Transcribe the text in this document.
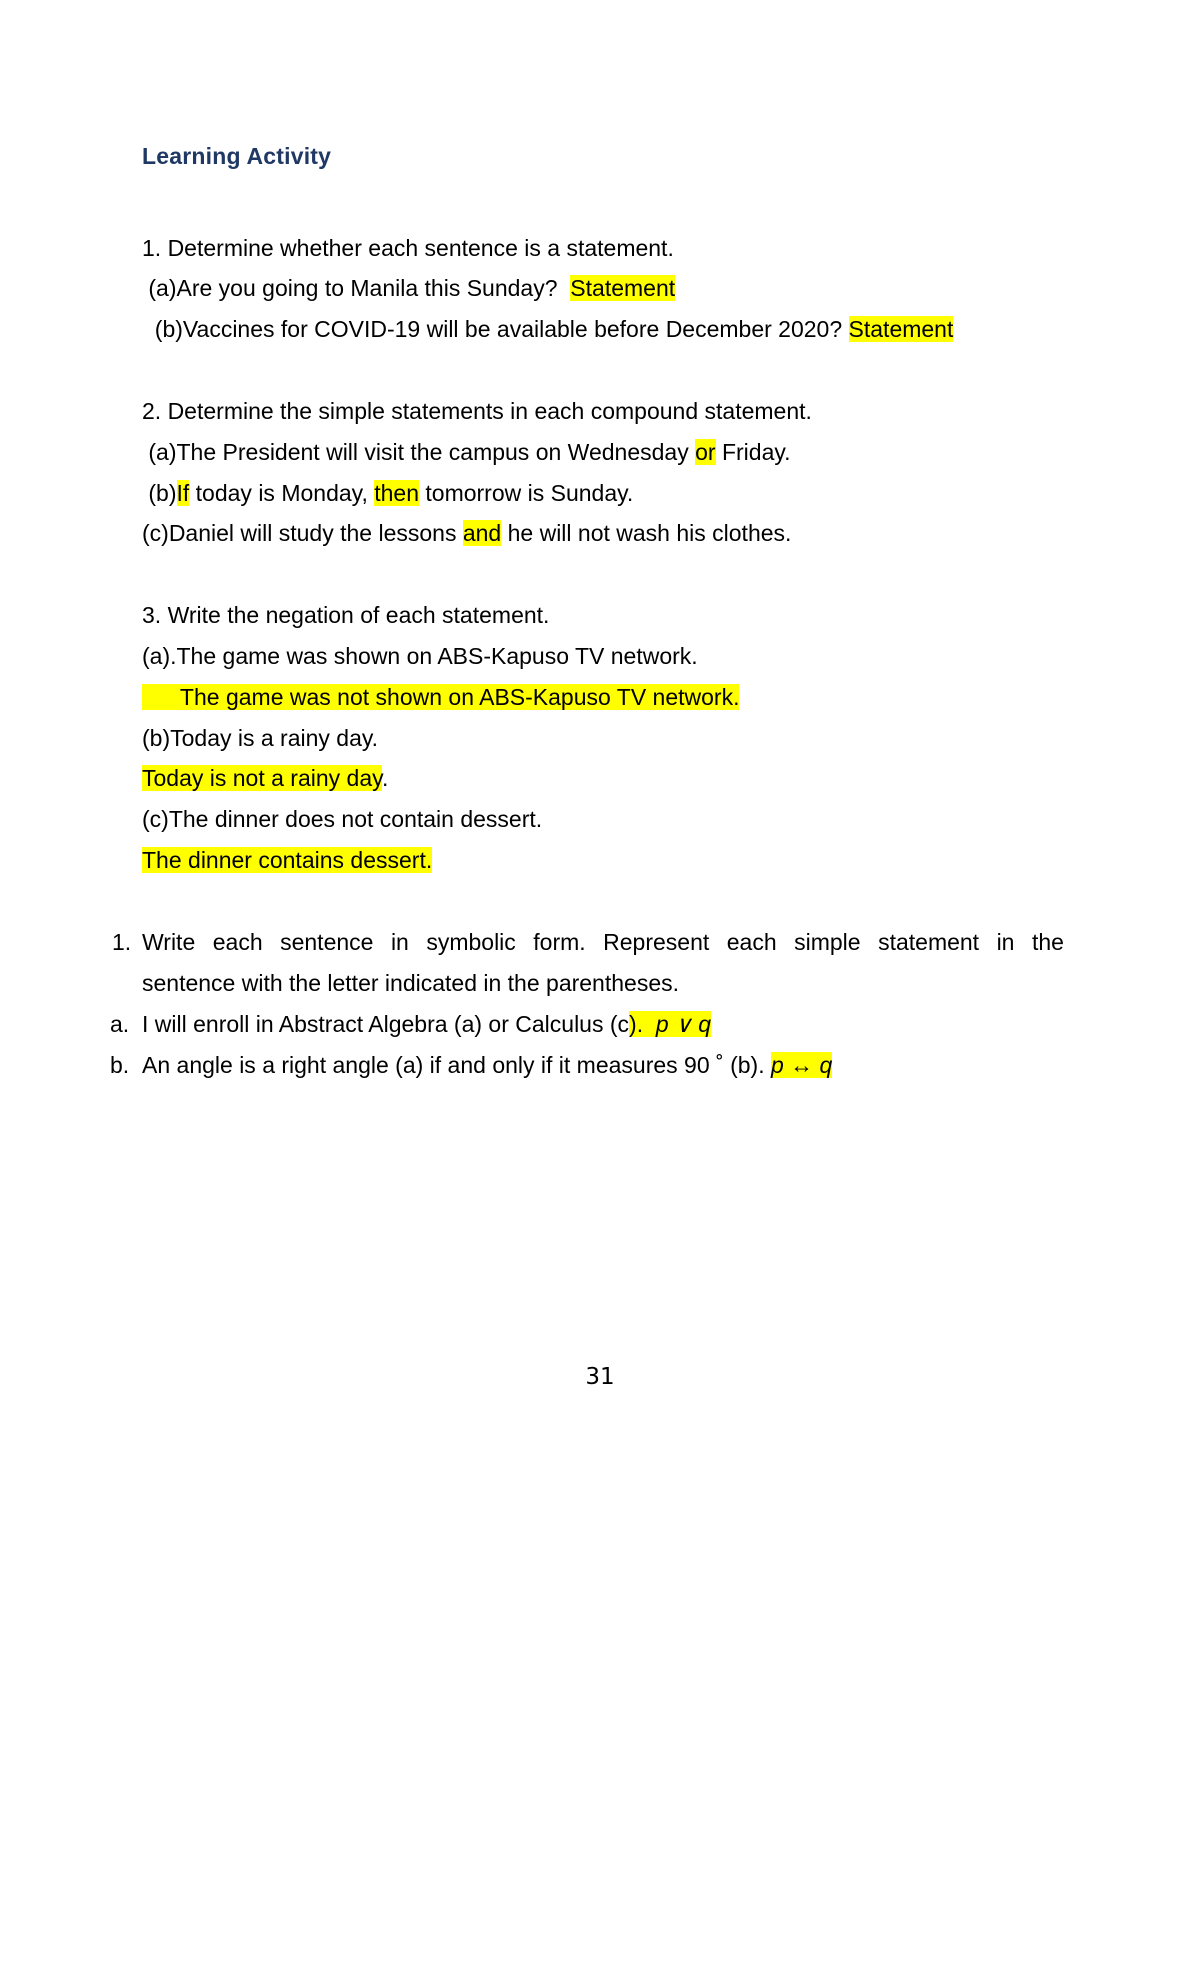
Learning Activity
1. Determine whether each sentence is a statement.
(a)Are you going to Manila this Sunday?  Statement
(b)Vaccines for COVID-19 will be available before December 2020? Statement
2. Determine the simple statements in each compound statement.
(a)The President will visit the campus on Wednesday or Friday.
(b)If today is Monday, then tomorrow is Sunday.
(c)Daniel will study the lessons and he will not wash his clothes.
3. Write the negation of each statement.
(a).The game was shown on ABS-Kapuso TV network.
The game was not shown on ABS-Kapuso TV network.
(b)Today is a rainy day.
Today is not a rainy day.
(c)The dinner does not contain dessert.
The dinner contains dessert.
1. Write each sentence in symbolic form. Represent each simple statement in the
sentence with the letter indicated in the parentheses.
a. I will enroll in Abstract Algebra (a) or Calculus (c).  p ∨ q
b. An angle is a right angle (a) if and only if it measures 90 ˚ (b). p ↔ q
31
